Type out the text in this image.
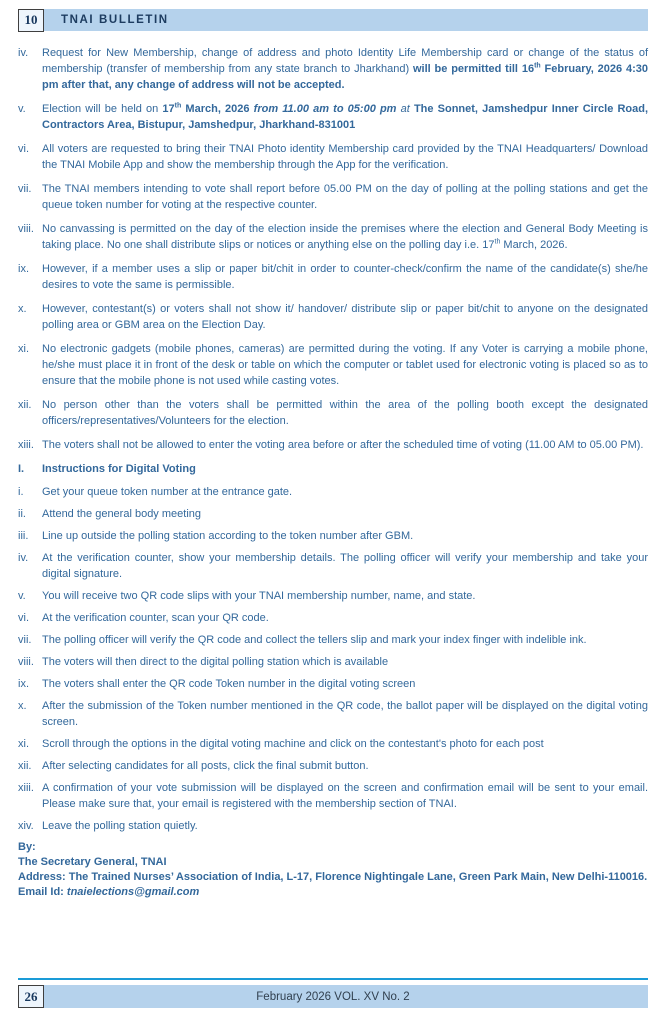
10	TNAI BULLETIN
iv.	Request for New Membership, change of address and photo Identity Life Membership card or change of the status of membership (transfer of membership from any state branch to Jharkhand) will be permitted till 16th February, 2026 4:30 pm after that, any change of address will not be accepted.
v.	Election will be held on 17th March, 2026 from 11.00 am to 05:00 pm at The Sonnet, Jamshedpur Inner Circle Road, Contractors Area, Bistupur, Jamshedpur, Jharkhand-831001
vi.	All voters are requested to bring their TNAI Photo identity Membership card provided by the TNAI Headquarters/ Download the TNAI Mobile App and show the membership through the App for the verification.
vii. The TNAI members intending to vote shall report before 05.00 PM on the day of polling at the polling stations and get the queue token number for voting at the respective counter.
viii. No canvassing is permitted on the day of the election inside the premises where the election and General Body Meeting is taking place. No one shall distribute slips or notices or anything else on the polling day i.e. 17th March, 2026.
ix.	However, if a member uses a slip or paper bit/chit in order to counter-check/confirm the name of the candidate(s) she/he desires to vote the same is permissible.
x.	However, contestant(s) or voters shall not show it/ handover/ distribute slip or paper bit/chit to anyone on the designated polling area or GBM area on the Election Day.
xi.	No electronic gadgets (mobile phones, cameras) are permitted during the voting. If any Voter is carrying a mobile phone, he/she must place it in front of the desk or table on which the computer or tablet used for electronic voting is placed so as to ensure that the mobile phone is not used while casting votes.
xii. No person other than the voters shall be permitted within the area of the polling booth except the designated officers/representatives/Volunteers for the election.
xiii. The voters shall not be allowed to enter the voting area before or after the scheduled time of voting (11.00 AM to 05.00 PM).
I.	Instructions for Digital Voting
i.	Get your queue token number at the entrance gate.
ii.	Attend the general body meeting
iii.	Line up outside the polling station according to the token number after GBM.
iv.	At the verification counter, show your membership details. The polling officer will verify your membership and take your digital signature.
v.	You will receive two QR code slips with your TNAI membership number, name, and state.
vi.	At the verification counter, scan your QR code.
vii. The polling officer will verify the QR code and collect the tellers slip and mark your index finger with indelible ink.
viii. The voters will then direct to the digital polling station which is available
ix.	The voters shall enter the QR code Token number in the digital voting screen
x.	After the submission of the Token number mentioned in the QR code, the ballot paper will be displayed on the digital voting screen.
xi.	Scroll through the options in the digital voting machine and click on the contestant's photo for each post
xii. After selecting candidates for all posts, click the final submit button.
xiii. A confirmation of your vote submission will be displayed on the screen and confirmation email will be sent to your email. Please make sure that, your email is registered with the membership section of TNAI.
xiv. Leave the polling station quietly.
By:
The Secretary General, TNAI
Address: The Trained Nurses’ Association of India, L-17, Florence Nightingale Lane, Green Park Main, New Delhi-110016.
Email Id: tnaielections@gmail.com
February 2026 VOL. XV No. 2
26
